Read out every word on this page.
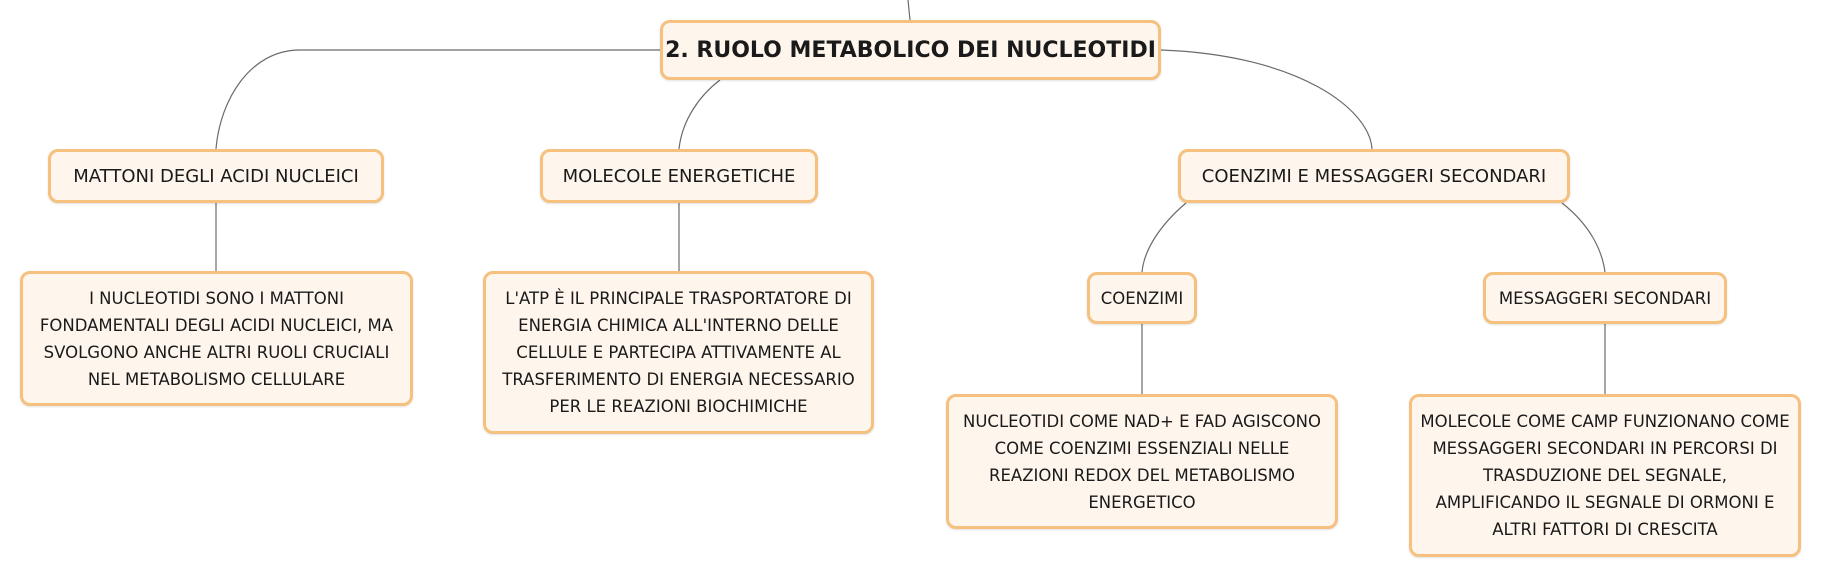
2. RUOLO METABOLICO DEI NUCLEOTIDI
MATTONI DEGLI ACIDI NUCLEICI	MOLECOLE ENERGETICHE	COENZIMI E MESSAGGERI SECONDARI
COENZIMI	MESSAGGERI SECONDARI
I NUCLEOTIDI SONO I MATTONI FONDAMENTALI DEGLI ACIDI NUCLEICI, MA SVOLGONO ANCHE ALTRI RUOLI CRUCIALI NEL METABOLISMO CELLULARE
L'ATP È IL PRINCIPALE TRASPORTATORE DI ENERGIA CHIMICA ALL'INTERNO DELLE CELLULE E PARTECIPA ATTIVAMENTE AL TRASFERIMENTO DI ENERGIA NECESSARIO PER LE REAZIONI BIOCHIMICHE
NUCLEOTIDI COME NAD+ E FAD AGISCONO COME COENZIMI ESSENZIALI NELLE REAZIONI REDOX DEL METABOLISMO ENERGETICO
MOLECOLE COME CAMP FUNZIONANO COME MESSAGGERI SECONDARI IN PERCORSI DI TRASDUZIONE DEL SEGNALE, AMPLIFICANDO IL SEGNALE DI ORMONI E ALTRI FATTORI DI CRESCITA
